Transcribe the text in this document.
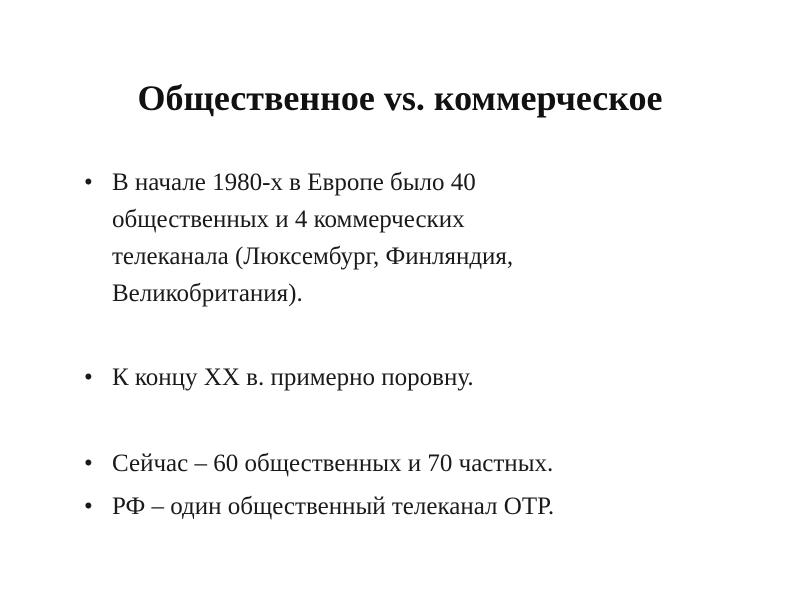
Общественное vs. коммерческое
• В начале 1980-х в Европе было 40
общественных и 4 коммерческих
телеканала (Люксембург, Финляндия,
Великобритания).
• К концу XX в. примерно поровну.
• Сейчас – 60 общественных и 70 частных.
• РФ – один общественный телеканал ОТР.
